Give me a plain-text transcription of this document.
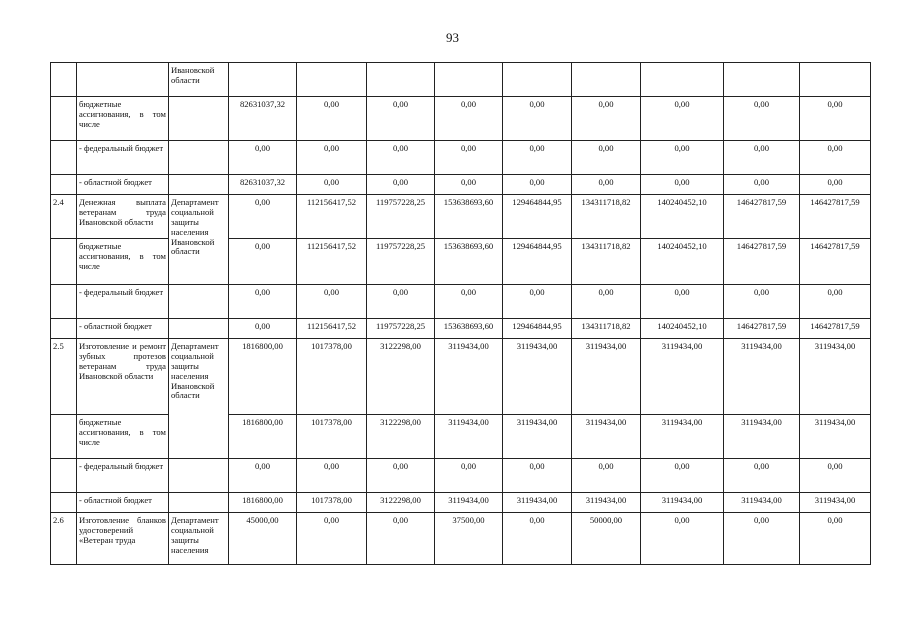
93
		Ивановской области									
	бюджетные ассигнования, в том числе		82631037,32	0,00	0,00	0,00	0,00	0,00	0,00	0,00	0,00
	- федеральный бюджет		0,00	0,00	0,00	0,00	0,00	0,00	0,00	0,00	0,00
	- областной бюджет		82631037,32	0,00	0,00	0,00	0,00	0,00	0,00	0,00	0,00
2.4	Денежная выплата ветеранам труда Ивановской области	Департамент социальной защиты населения Ивановской области	0,00	112156417,52	119757228,25	153638693,60	129464844,95	134311718,82	140240452,10	146427817,59	146427817,59
	бюджетные ассигнования, в том числе		0,00	112156417,52	119757228,25	153638693,60	129464844,95	134311718,82	140240452,10	146427817,59	146427817,59
	- федеральный бюджет		0,00	0,00	0,00	0,00	0,00	0,00	0,00	0,00	0,00
	- областной бюджет		0,00	112156417,52	119757228,25	153638693,60	129464844,95	134311718,82	140240452,10	146427817,59	146427817,59
2.5	Изготовление и ремонт зубных протезов ветеранам труда Ивановской области	Департамент социальной защиты населения Ивановской области	1816800,00	1017378,00	3122298,00	3119434,00	3119434,00	3119434,00	3119434,00	3119434,00	3119434,00
	бюджетные ассигнования, в том числе		1816800,00	1017378,00	3122298,00	3119434,00	3119434,00	3119434,00	3119434,00	3119434,00	3119434,00
	- федеральный бюджет		0,00	0,00	0,00	0,00	0,00	0,00	0,00	0,00	0,00
	- областной бюджет		1816800,00	1017378,00	3122298,00	3119434,00	3119434,00	3119434,00	3119434,00	3119434,00	3119434,00
2.6	Изготовление бланков удостоверений «Ветеран труда	Департамент социальной защиты населения	45000,00	0,00	0,00	37500,00	0,00	50000,00	0,00	0,00	0,00
